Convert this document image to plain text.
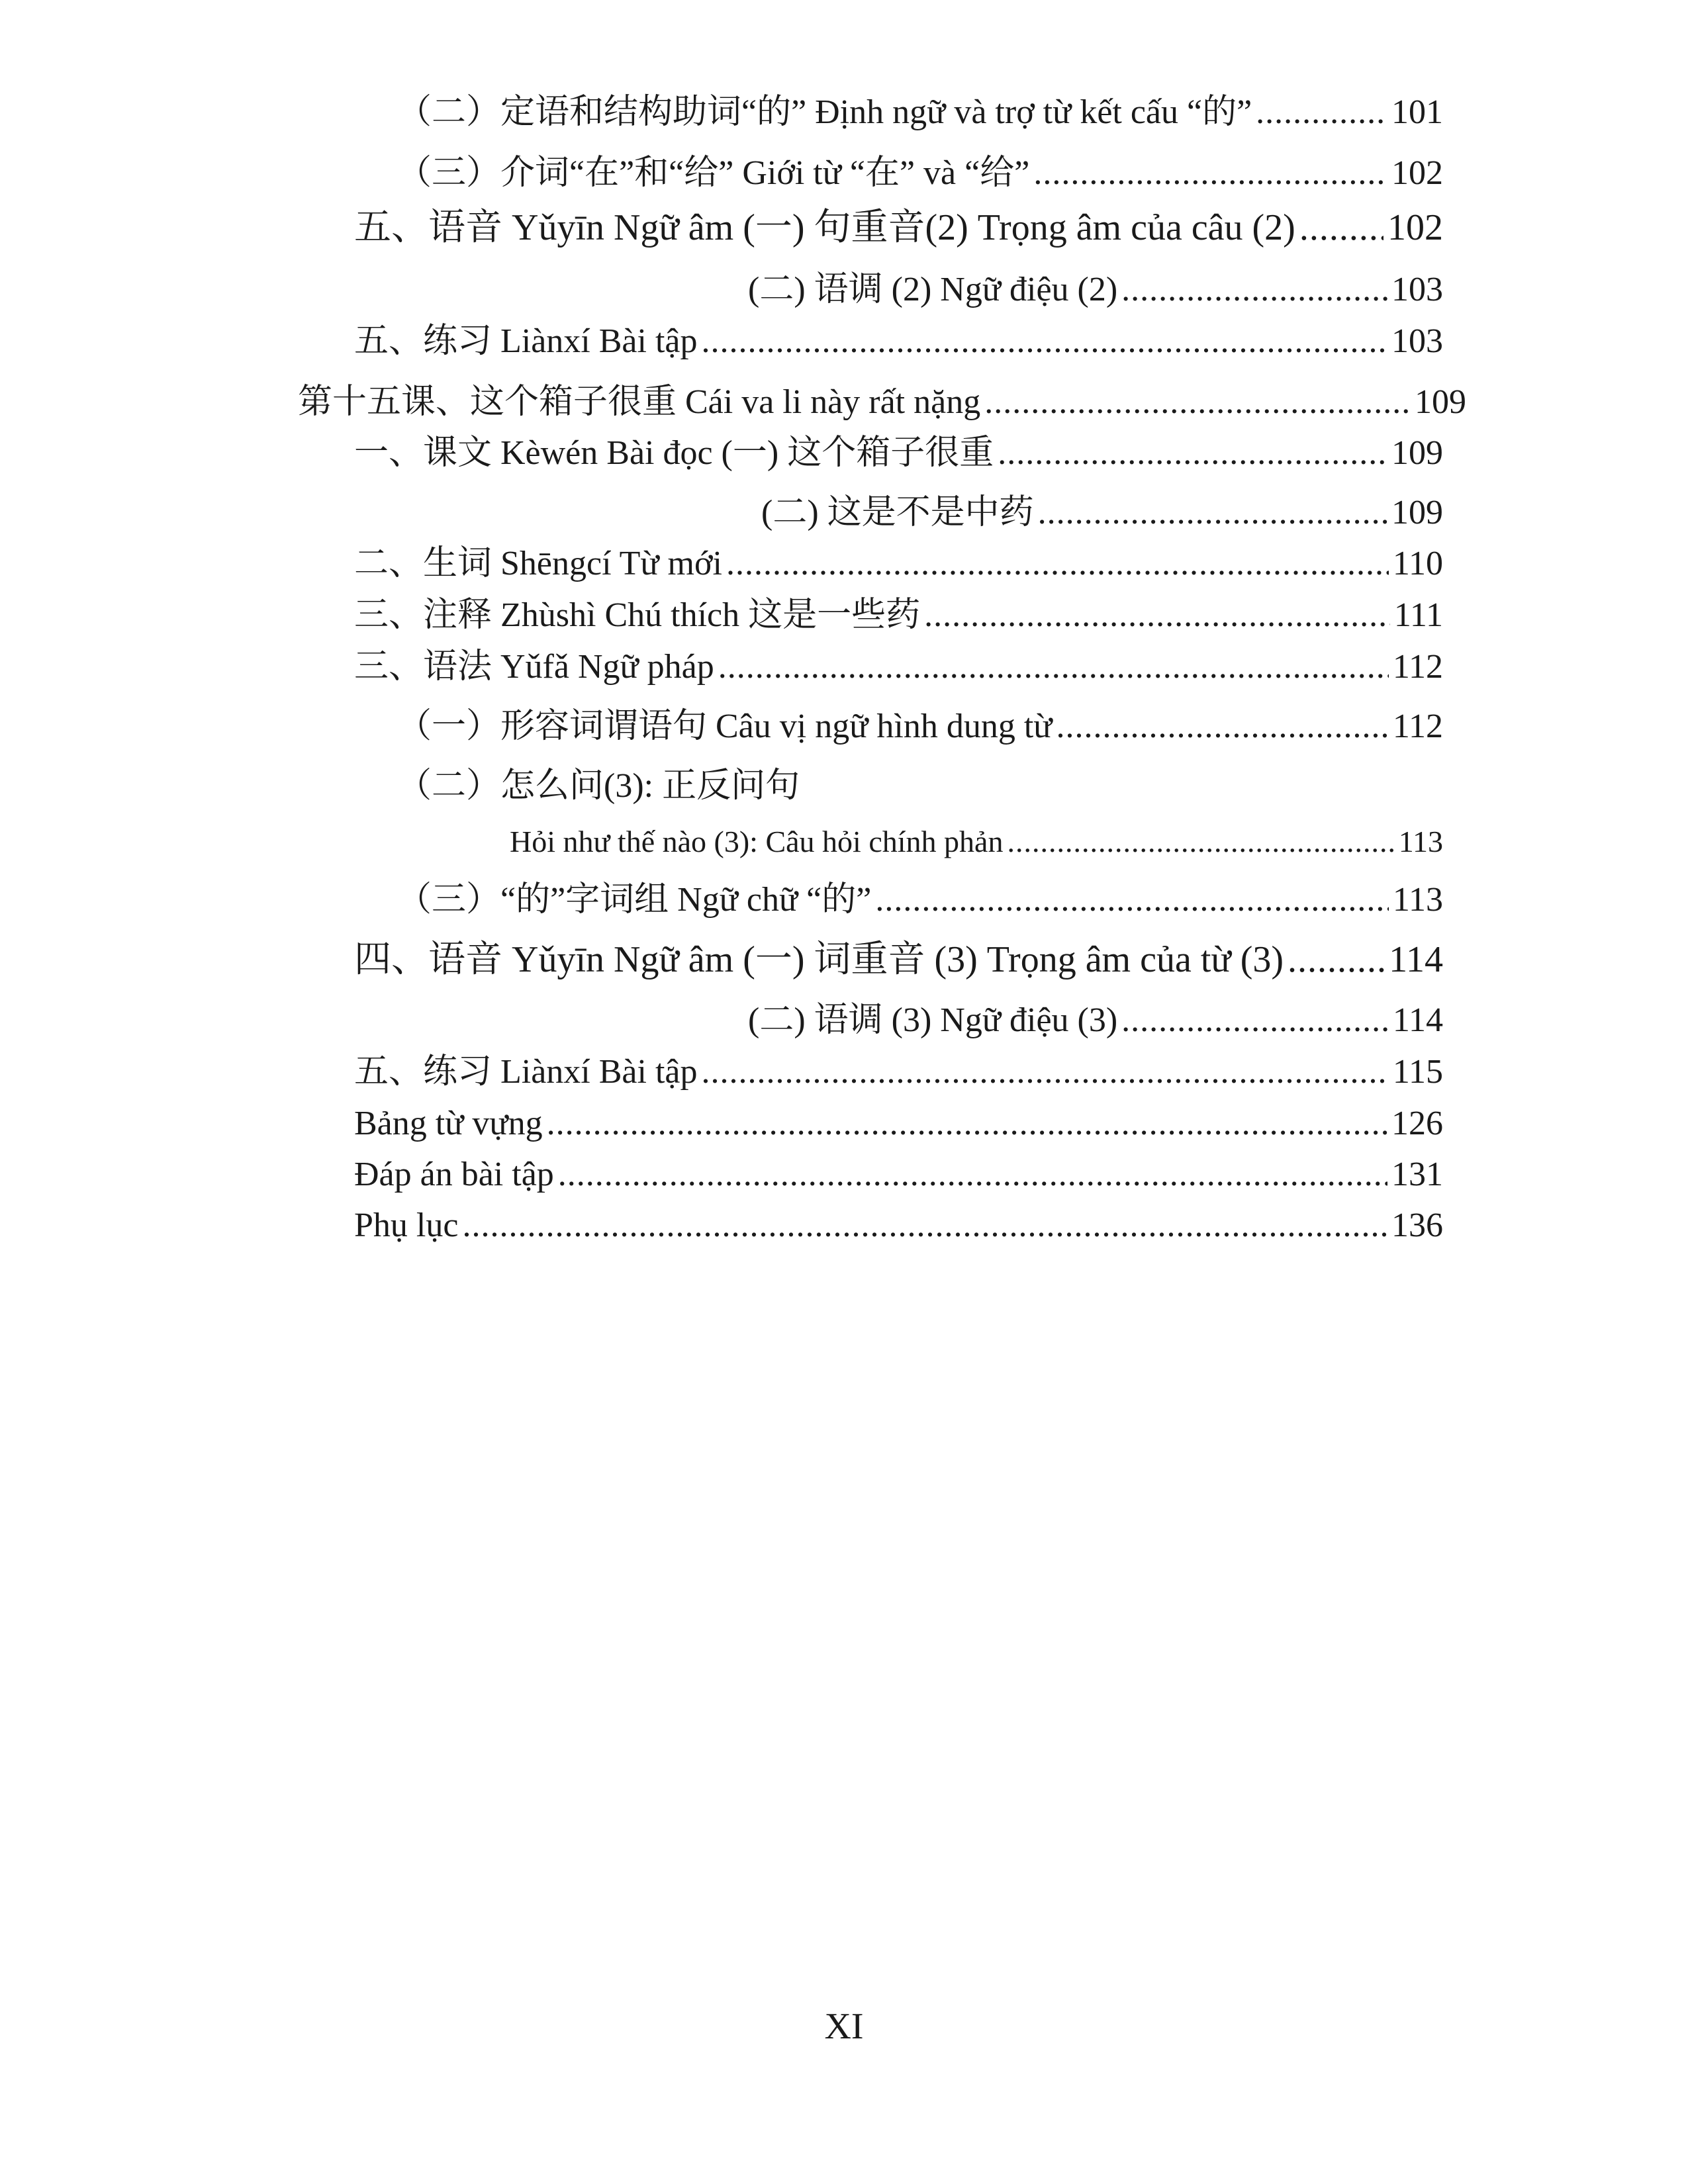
（二）定语和结构助词“的” Định ngữ và trợ từ kết cấu “的” .....	101
（三）介词“在”和“给” Giới từ “在” và “给” .....	102
五、语音 Yǔyīn Ngữ âm (一) 句重音(2) Trọng âm của câu (2) ..... 102
(二) 语调 (2) Ngữ điệu (2) .....	103
五、练习 Liànxí Bài tập .....	103
第十五课、这个箱子很重 Cái va li này rất nặng .....	109
一、课文 Kèwén Bài đọc (一) 这个箱子很重 .....	109
(二) 这是不是中药 .....	109
二、生词 Shēngcí Từ mới .....	110
三、注释 Zhùshì Chú thích 这是一些药 .....	111
三、语法 Yǔfǎ Ngữ pháp .....	112
（一）形容词谓语句 Câu vị ngữ hình dung từ .....	112
（二）怎么问(3): 正反问句
Hỏi như thế nào (3): Câu hỏi chính phản .....	113
（三）“的”字词组 Ngữ chữ “的” .....	113
四、语音 Yǔyīn Ngữ âm (一) 词重音 (3) Trọng âm của từ (3) .....	114
(二) 语调 (3) Ngữ điệu (3) .....	114
五、练习 Liànxí Bài tập .....	115
Bảng từ vựng .....	126
Đáp án bài tập .....	131
Phụ lục .....	136
XI
